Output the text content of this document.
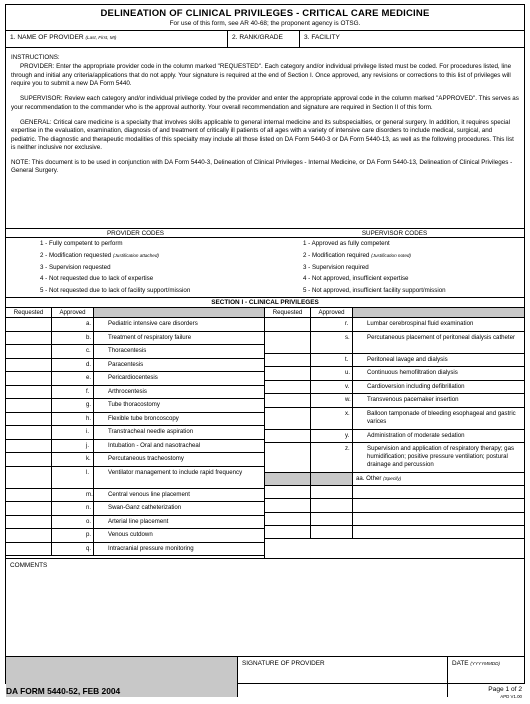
DELINEATION OF CLINICAL PRIVILEGES - CRITICAL CARE MEDICINE
For use of this form, see AR 40-68; the proponent agency is OTSG.
1. NAME OF PROVIDER (Last, First, MI)	2. RANK/GRADE	3. FACILITY

INSTRUCTIONS:

PROVIDER: Enter the appropriate provider code in the column marked "REQUESTED". Each category and/or individual privilege listed must be coded. For procedures listed, line through and initial any criteria/applications that do not apply. Your signature is required at the end of Section I. Once approved, any revisions or corrections to this list of privileges will require you to submit a new DA Form 5440.

SUPERVISOR: Review each category and/or individual privilege coded by the provider and enter the appropriate approval code in the column marked "APPROVED". This serves as your recommendation to the commander who is the approval authority. Your overall recommendation and signature are required in Section II of this form.

GENERAL: Critical care medicine is a specialty that involves skills applicable to general internal medicine and its subspecialties, or general surgery. In addition, it requires special expertise in the evaluation, examination, diagnosis of and treatment of critically ill patients of all ages with a variety of intensive care disorders to include medical, surgical, and pediatric. The diagnostic and therapeutic modalities of this specialty may include all those listed on DA Form 5440-3 or DA Form 5440-13, as well as the following procedures. This list is neither inclusive nor exclusive.

NOTE: This document is to be used in conjunction with DA Form 5440-3, Delineation of Clinical Privileges - Internal Medicine, or DA Form 5440-13, Delineation of Clinical Privileges - General Surgery.

PROVIDER CODES
1 - Fully competent to perform
2 - Modification requested (Justification attached)
3 - Supervision requested
4 - Not requested due to lack of expertise
5 - Not requested due to lack of facility support/mission
SUPERVISOR CODES
1 - Approved as fully competent
2 - Modification required (Justification noted)
3 - Supervision required
4 - Not approved, insufficient expertise
5 - Not approved, insufficient facility support/mission
SECTION I - CLINICAL PRIVILEGES
Requested	Approved
a.	Pediatric intensive care disorders
b.	Treatment of respiratory failure
c.	Thoracentesis
d.	Paracentesis
e.	Pericardiocentesis
f.	Arthrocentesis
g.	Tube thoracostomy
h.	Flexible tube broncoscopy
i.	Transtracheal needle aspiration
j.	Intubation - Oral and nasotracheal
k.	Percutaneous tracheostomy
l.	Ventilator management to include rapid frequency
m. Central venous line placement
n.	Swan-Ganz catheterization
o.	Arterial line placement
p.	Venous cutdown
q.	Intracranial pressure monitoring
Requested	Approved
r.	Lumbar cerebrospinal fluid examination
s.	Percutaneous placement of peritoneal dialysis catheter
t.	Peritoneal lavage and dialysis
u.	Continuous hemofiltration dialysis
v.	Cardioversion including defibrillation
w.	Transvenous pacemaker insertion
x.	Balloon tamponade of bleeding esophageal and gastric varices
y.	Administration of moderate sedation
z.	Supervision and application of respiratory therapy; gas humidification; positive pressure ventilation; postural drainage and percussion
aa. Other (Specify)
COMMENTS
SIGNATURE OF PROVIDER	DATE (YYYYMMDD)
DA FORM 5440-52, FEB 2004	Page 1 of 2
APD V1.00
